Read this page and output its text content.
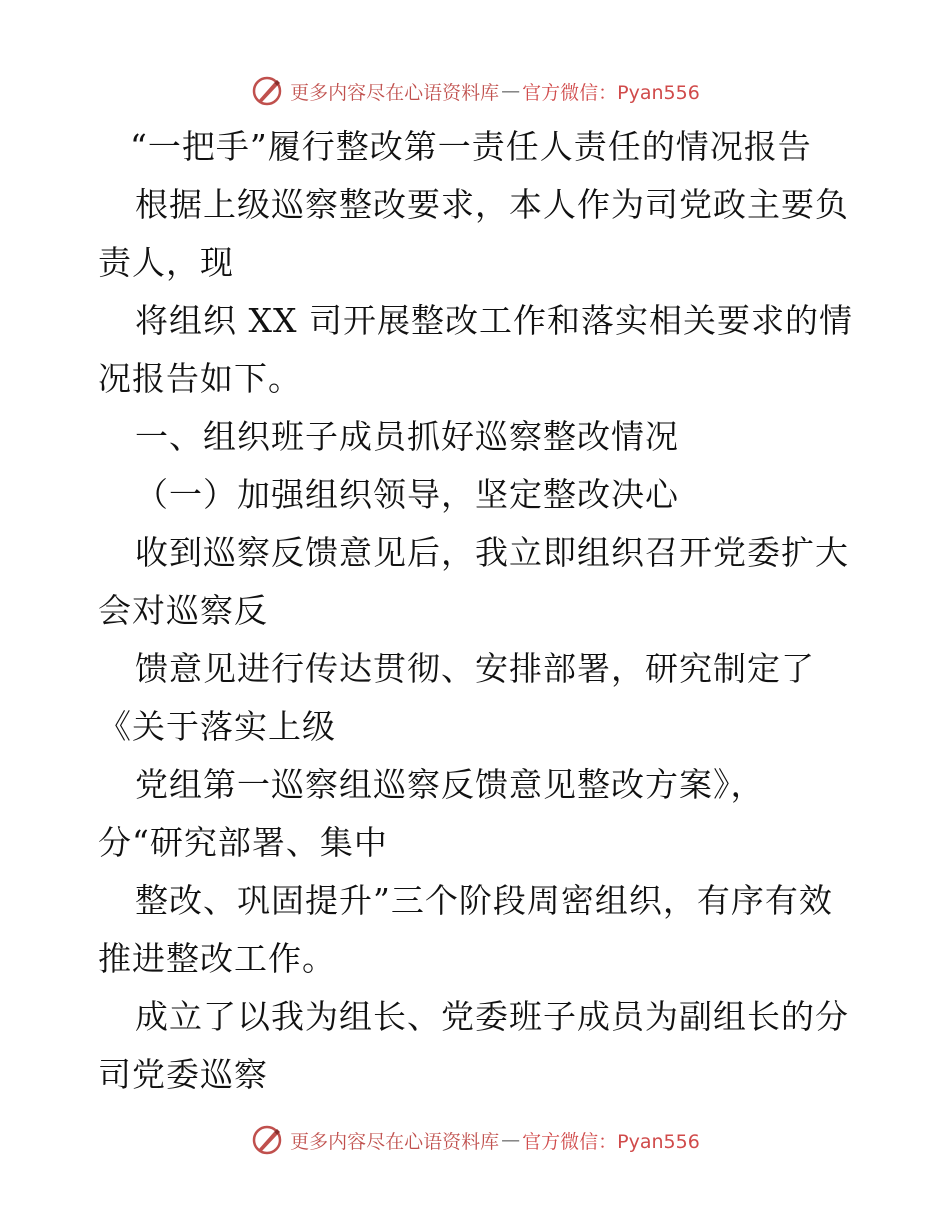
更多内容尽在心语资料库 — 官方微信：Pyan556
“一把手”履行整改第一责任人责任的情况报告
根据上级巡察整改要求，本人作为司党政主要负
责人，现
将组织 XX 司开展整改工作和落实相关要求的情
况报告如下。
一、组织班子成员抓好巡察整改情况
（一）加强组织领导，坚定整改决心
收到巡察反馈意见后，我立即组织召开党委扩大
会对巡察反
馈意见进行传达贯彻、安排部署，研究制定了
《关于落实上级
党组第一巡察组巡察反馈意见整改方案》，
分“研究部署、集中
整改、巩固提升”三个阶段周密组织，有序有效
推进整改工作。
成立了以我为组长、党委班子成员为副组长的分
司党委巡察
更多内容尽在心语资料库 — 官方微信：Pyan556
